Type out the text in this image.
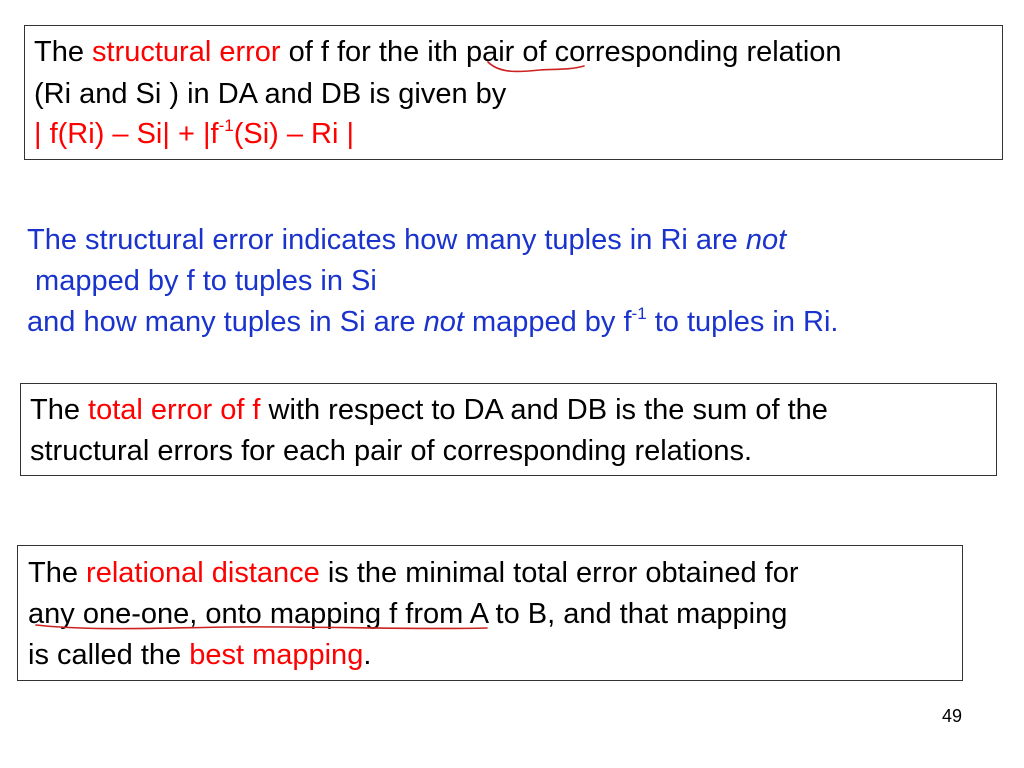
The structural error of f for the ith pair of corresponding relation
(Ri and Si ) in DA and DB is given by
| $f(Ri) - Si| + |f^{-1}(Si) - Ri$ |
The structural error indicates how many tuples in Ri are not
mapped by f to tuples in Si
and how many tuples in Si are not mapped by $f^{-1}$ to tuples in Ri.
The total error of f with respect to DA and DB is the sum of the
structural errors for each pair of corresponding relations.
The relational distance is the minimal total error obtained for
any one-one, onto mapping f from A to B, and that mapping
is called the best mapping.
49
